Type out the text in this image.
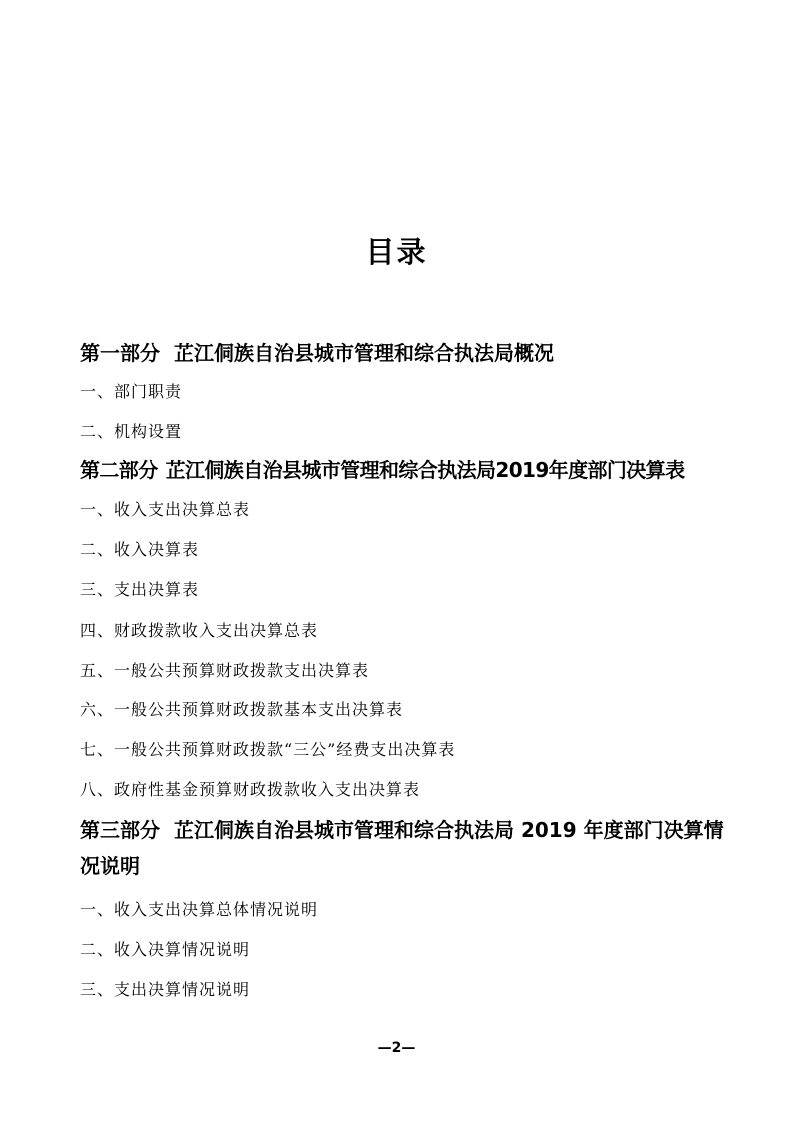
目录
第一部分 芷江侗族自治县城市管理和综合执法局概况
一、部门职责
二、机构设置
第二部分 芷江侗族自治县城市管理和综合执法局2019年度部门决算表
一、收入支出决算总表
二、收入决算表
三、支出决算表
四、财政拨款收入支出决算总表
五、一般公共预算财政拨款支出决算表
六、一般公共预算财政拨款基本支出决算表
七、一般公共预算财政拨款“三公”经费支出决算表
八、政府性基金预算财政拨款收入支出决算表
第三部分 芷江侗族自治县城市管理和综合执法局 2019 年度部门决算情况说明
一、收入支出决算总体情况说明
二、收入决算情况说明
三、支出决算情况说明
—2—
